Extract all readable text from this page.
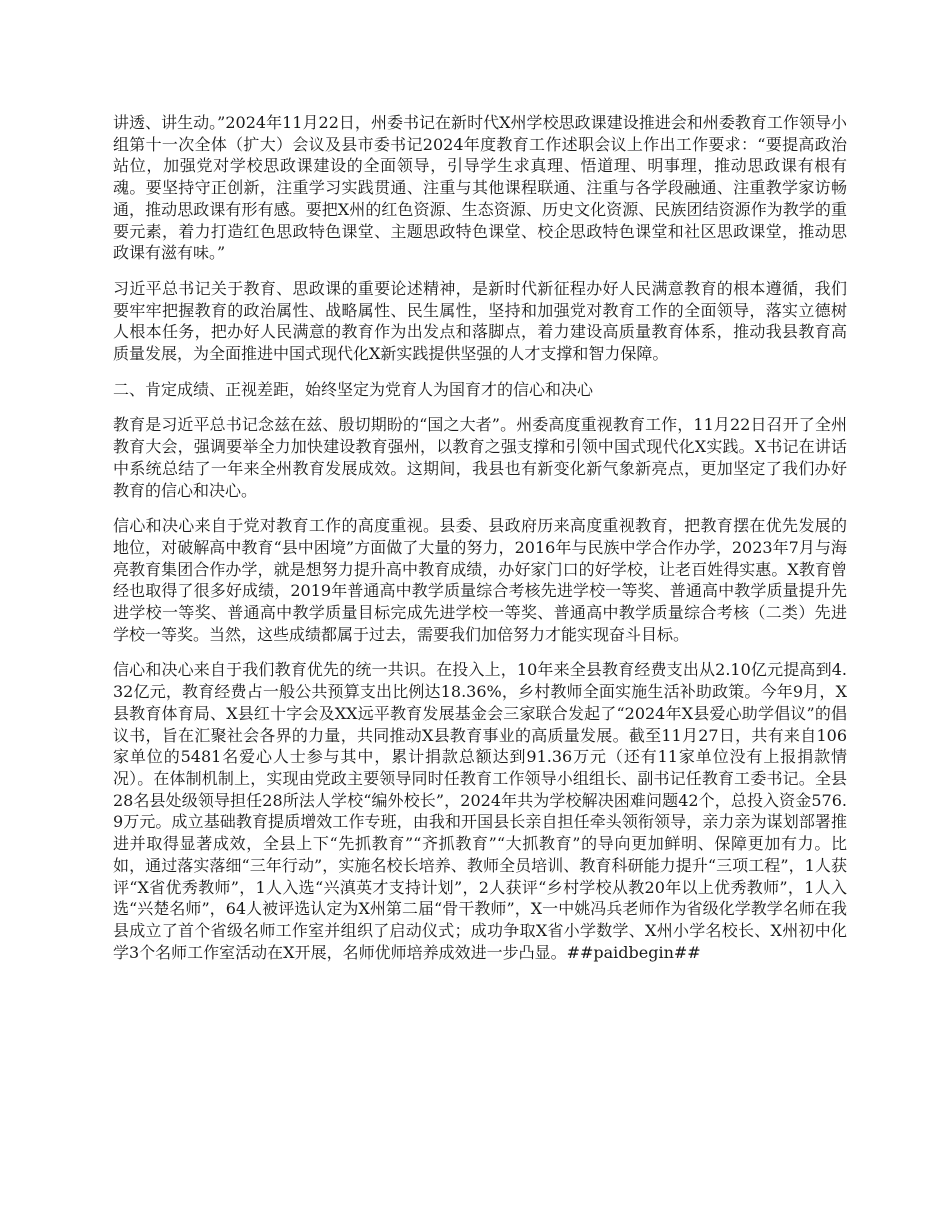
讲透、讲生动。”2024年11月22日，州委书记在新时代X州学校思政课建设推进会和州委教育工作领导小组第十一次全体（扩大）会议及县市委书记2024年度教育工作述职会议上作出工作要求：“要提高政治站位，加强党对学校思政课建设的全面领导，引导学生求真理、悟道理、明事理，推动思政课有根有魂。要坚持守正创新，注重学习实践贯通、注重与其他课程联通、注重与各学段融通、注重教学家访畅通，推动思政课有形有感。要把X州的红色资源、生态资源、历史文化资源、民族团结资源作为教学的重要元素，着力打造红色思政特色课堂、主题思政特色课堂、校企思政特色课堂和社区思政课堂，推动思政课有滋有味。”

习近平总书记关于教育、思政课的重要论述精神，是新时代新征程办好人民满意教育的根本遵循，我们要牢牢把握教育的政治属性、战略属性、民生属性，坚持和加强党对教育工作的全面领导，落实立德树人根本任务，把办好人民满意的教育作为出发点和落脚点，着力建设高质量教育体系，推动我县教育高质量发展，为全面推进中国式现代化X新实践提供坚强的人才支撑和智力保障。

二、肯定成绩、正视差距，始终坚定为党育人为国育才的信心和决心

教育是习近平总书记念兹在兹、殷切期盼的“国之大者”。州委高度重视教育工作，11月22日召开了全州教育大会，强调要举全力加快建设教育强州，以教育之强支撑和引领中国式现代化X实践。X书记在讲话中系统总结了一年来全州教育发展成效。这期间，我县也有新变化新气象新亮点，更加坚定了我们办好教育的信心和决心。

信心和决心来自于党对教育工作的高度重视。县委、县政府历来高度重视教育，把教育摆在优先发展的地位，对破解高中教育“县中困境”方面做了大量的努力，2016年与民族中学合作办学，2023年7月与海亮教育集团合作办学，就是想努力提升高中教育成绩，办好家门口的好学校，让老百姓得实惠。X教育曾经也取得了很多好成绩，2019年普通高中教学质量综合考核先进学校一等奖、普通高中教学质量提升先进学校一等奖、普通高中教学质量目标完成先进学校一等奖、普通高中教学质量综合考核（二类）先进学校一等奖。当然，这些成绩都属于过去，需要我们加倍努力才能实现奋斗目标。

信心和决心来自于我们教育优先的统一共识。在投入上，10年来全县教育经费支出从2.10亿元提高到4.32亿元，教育经费占一般公共预算支出比例达18.36%，乡村教师全面实施生活补助政策。今年9月，X县教育体育局、X县红十字会及XX远平教育发展基金会三家联合发起了“2024年X县爱心助学倡议”的倡议书，旨在汇聚社会各界的力量，共同推动X县教育事业的高质量发展。截至11月27日，共有来自106家单位的5481名爱心人士参与其中，累计捐款总额达到91.36万元（还有11家单位没有上报捐款情况）。在体制机制上，实现由党政主要领导同时任教育工作领导小组组长、副书记任教育工委书记。全县28名县处级领导担任28所法人学校“编外校长”，2024年共为学校解决困难问题42个，总投入资金576.9万元。成立基础教育提质增效工作专班，由我和开国县长亲自担任牵头领衔领导，亲力亲为谋划部署推进并取得显著成效，全县上下“先抓教育”“齐抓教育”“大抓教育”的导向更加鲜明、保障更加有力。比如，通过落实落细“三年行动”，实施名校长培养、教师全员培训、教育科研能力提升“三项工程”，1人获评“X省优秀教师”，1人入选“兴滇英才支持计划”，2人获评“乡村学校从教20年以上优秀教师”，1人入选“兴楚名师”，64人被评选认定为X州第二届“骨干教师”，X一中姚冯兵老师作为省级化学教学名师在我县成立了首个省级名师工作室并组织了启动仪式；成功争取X省小学数学、X州小学名校长、X州初中化学3个名师工作室活动在X开展，名师优师培养成效进一步凸显。##paidbegin##
